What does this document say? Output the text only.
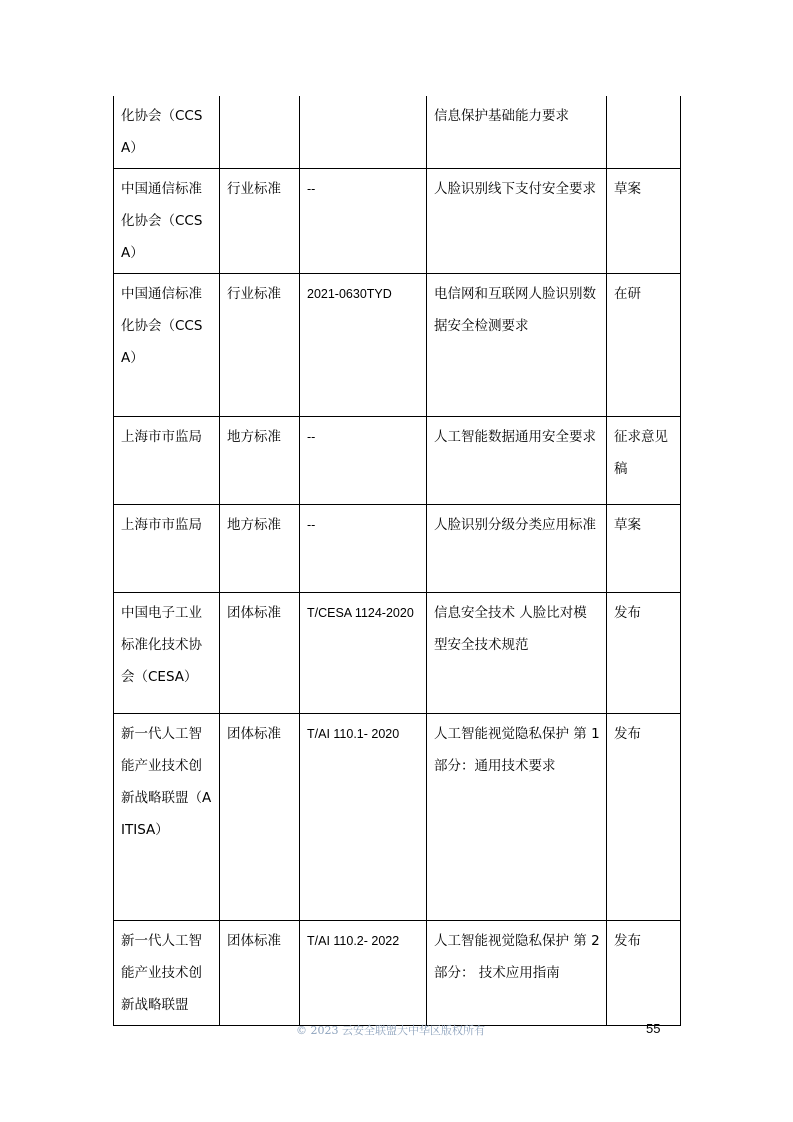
化协会（CCSA）			信息保护基础能力要求	
中国通信标准化协会（CCSA）	行业标准	--	人脸识别线下支付安全要求	草案
中国通信标准化协会（CCSA）	行业标准	2021-0630TYD	电信网和互联网人脸识别数据安全检测要求	在研
上海市市监局	地方标准	--	人工智能数据通用安全要求	征求意见稿
上海市市监局	地方标准	--	人脸识别分级分类应用标准	草案
中国电子工业标准化技术协会（CESA）	团体标准	T/CESA 1124-2020	信息安全技术 人脸比对模型安全技术规范	发布
新一代人工智能产业技术创新战略联盟（AITISA）	团体标准	T/AI 110.1- 2020	人工智能视觉隐私保护 第 1 部分：通用技术要求	发布
新一代人工智能产业技术创新战略联盟	团体标准	T/AI 110.2- 2022	人工智能视觉隐私保护 第 2 部分： 技术应用指南	发布
© 2023 云安全联盟大中华区版权所有	55
